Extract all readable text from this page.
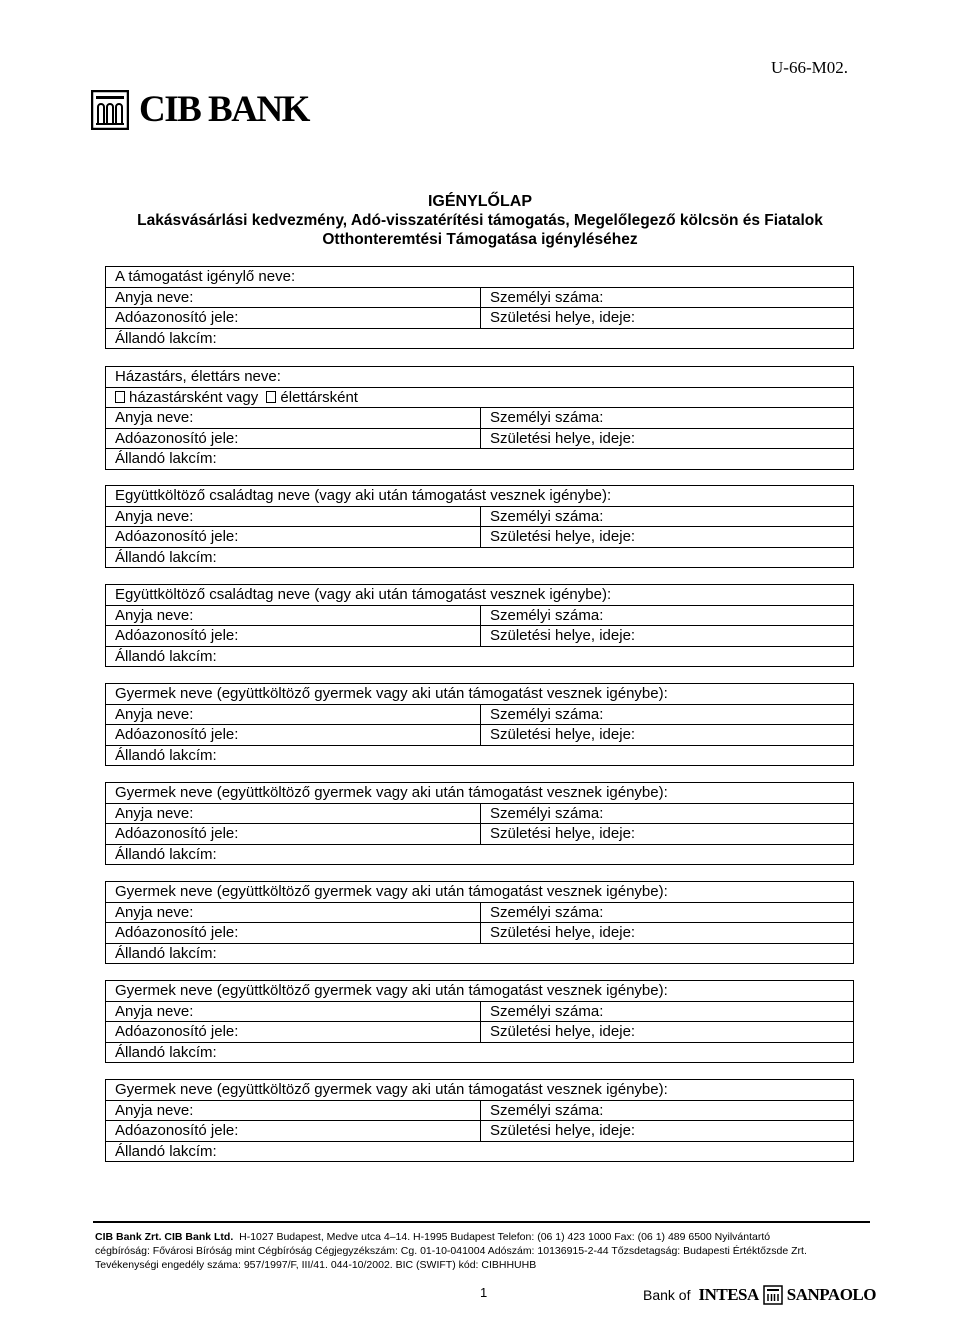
U-66-M02.
CIB BANK
IGÉNYLŐLAP
Lakásvásárlási kedvezmény, Adó-visszatérítési támogatás, Megelőlegező kölcsön és Fiatalok
Otthonteremtési Támogatása igényléséhez
A támogatást igénylő neve:
Anyja neve:	Személyi száma:
Adóazonosító jele:	Születési helye, ideje:
Állandó lakcím:
Házastárs, élettárs neve:
házastársként vagy élettársként
Anyja neve:	Személyi száma:
Adóazonosító jele:	Születési helye, ideje:
Állandó lakcím:
Együttköltöző családtag neve (vagy aki után támogatást vesznek igénybe):
Anyja neve:	Személyi száma:
Adóazonosító jele:	Születési helye, ideje:
Állandó lakcím:
Együttköltöző családtag neve (vagy aki után támogatást vesznek igénybe):
Anyja neve:	Személyi száma:
Adóazonosító jele:	Születési helye, ideje:
Állandó lakcím:
Gyermek neve (együttköltöző gyermek vagy aki után támogatást vesznek igénybe):
Anyja neve:	Személyi száma:
Adóazonosító jele:	Születési helye, ideje:
Állandó lakcím:
Gyermek neve (együttköltöző gyermek vagy aki után támogatást vesznek igénybe):
Anyja neve:	Személyi száma:
Adóazonosító jele:	Születési helye, ideje:
Állandó lakcím:
Gyermek neve (együttköltöző gyermek vagy aki után támogatást vesznek igénybe):
Anyja neve:	Személyi száma:
Adóazonosító jele:	Születési helye, ideje:
Állandó lakcím:
Gyermek neve (együttköltöző gyermek vagy aki után támogatást vesznek igénybe):
Anyja neve:	Személyi száma:
Adóazonosító jele:	Születési helye, ideje:
Állandó lakcím:
Gyermek neve (együttköltöző gyermek vagy aki után támogatást vesznek igénybe):
Anyja neve:	Személyi száma:
Adóazonosító jele:	Születési helye, ideje:
Állandó lakcím:
CIB Bank Zrt. CIB Bank Ltd. H-1027 Budapest, Medve utca 4–14. H-1995 Budapest Telefon: (06 1) 423 1000 Fax: (06 1) 489 6500 Nyilvántartó
cégbíróság: Fővárosi Bíróság mint Cégbíróság Cégjegyzékszám: Cg. 01-10-041004 Adószám: 10136915-2-44 Tőzsdetagság: Budapesti Értéktőzsde Zrt.
Tevékenységi engedély száma: 957/1997/F, III/41. 044-10/2002. BIC (SWIFT) kód: CIBHHUHB
1	Bank of INTESA SANPAOLO
